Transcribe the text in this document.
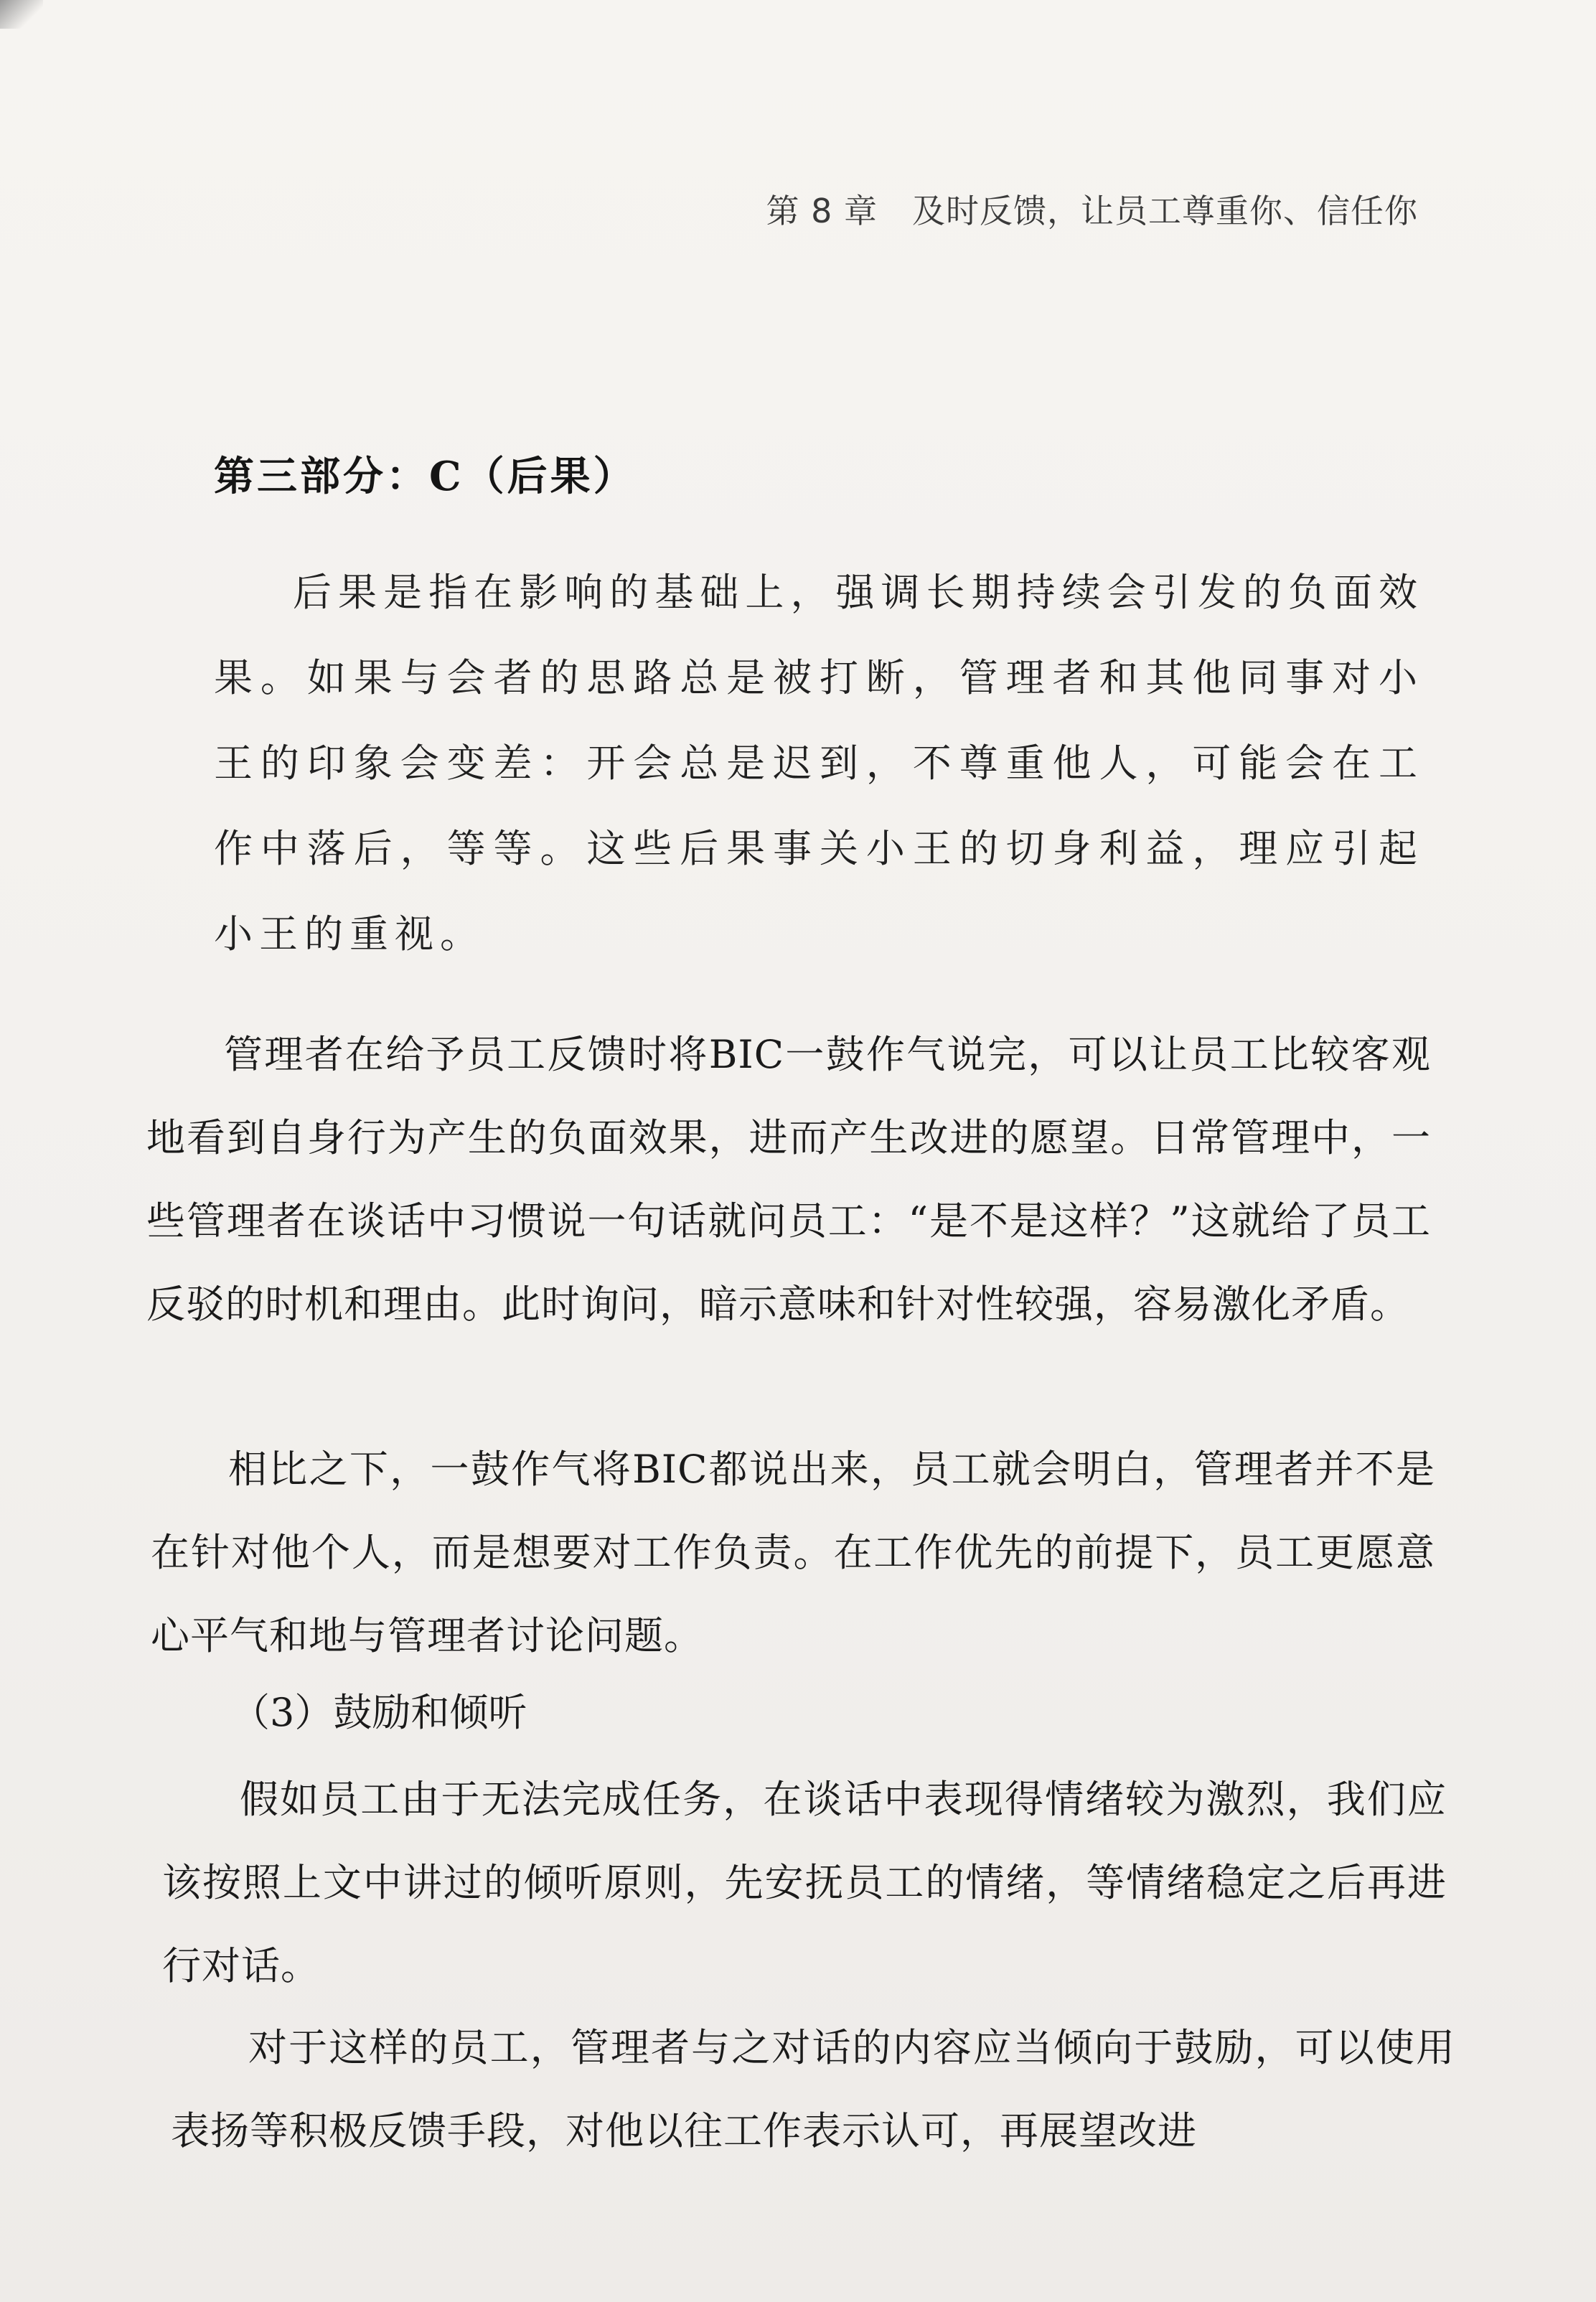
第 8 章 及时反馈，让员工尊重你、信任你
第三部分：C（后果）
后果是指在影响的基础上，强调长期持续会引发的负面效果。如果与会者的思路总是被打断，管理者和其他同事对小王的印象会变差：开会总是迟到，不尊重他人，可能会在工作中落后，等等。这些后果事关小王的切身利益，理应引起小王的重视。

管理者在给予员工反馈时将BIC一鼓作气说完，可以让员工比较客观地看到自身行为产生的负面效果，进而产生改进的愿望。日常管理中，一些管理者在谈话中习惯说一句话就问员工：“是不是这样？”这就给了员工反驳的时机和理由。此时询问，暗示意味和针对性较强，容易激化矛盾。

相比之下，一鼓作气将BIC都说出来，员工就会明白，管理者并不是在针对他个人，而是想要对工作负责。在工作优先的前提下，员工更愿意心平气和地与管理者讨论问题。

（3）鼓励和倾听

假如员工由于无法完成任务，在谈话中表现得情绪较为激烈，我们应该按照上文中讲过的倾听原则，先安抚员工的情绪，等情绪稳定之后再进行对话。

对于这样的员工，管理者与之对话的内容应当倾向于鼓励，可以使用表扬等积极反馈手段，对他以往工作表示认可，再展望改进
